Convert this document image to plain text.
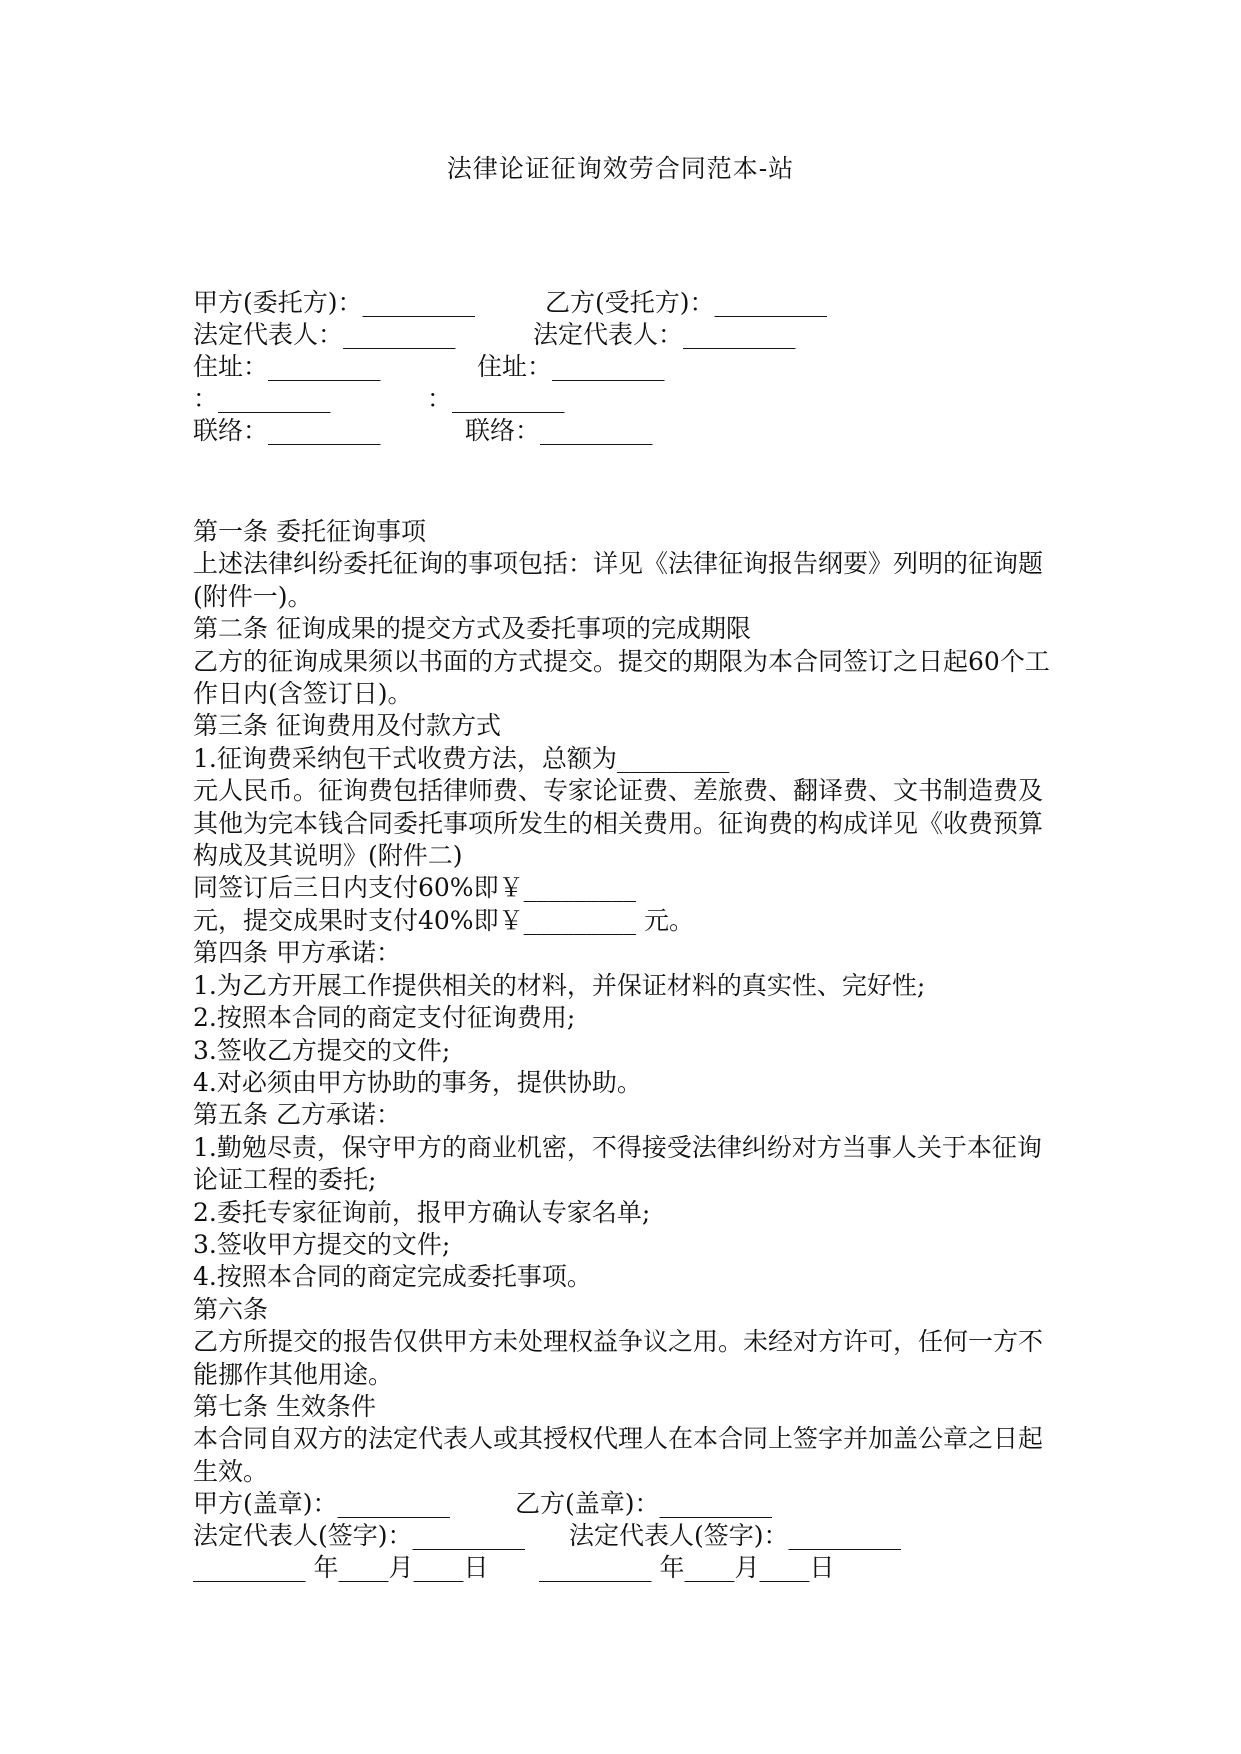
法律论证征询效劳合同范本-站
甲方(委托方)：_________	乙方(受托方)：_________
法定代表人：_________	法定代表人：_________
住址：_________	住址：_________
：_________	：_________
联络：_________	联络：_________

第一条 委托征询事项

上述法律纠纷委托征询的事项包括：详见《法律征询报告纲要》列明的征询题(附件一)。

第二条 征询成果的提交方式及委托事项的完成期限

乙方的征询成果须以书面的方式提交。提交的期限为本合同签订之日起60个工作日内(含签订日)。

第三条 征询费用及付款方式

1.征询费采纳包干式收费方法，总额为_________

元人民币。征询费包括律师费、专家论证费、差旅费、翻译费、文书制造费及其他为完本钱合同委托事项所发生的相关费用。征询费的构成详见《收费预算构成及其说明》(附件二)

同签订后三日内支付60%即￥_________

元，提交成果时支付40%即￥_________ 元。

第四条 甲方承诺：

1.为乙方开展工作提供相关的材料，并保证材料的真实性、完好性;

2.按照本合同的商定支付征询费用;

3.签收乙方提交的文件;

4.对必须由甲方协助的事务，提供协助。

第五条 乙方承诺：

1.勤勉尽责，保守甲方的商业机密，不得接受法律纠纷对方当事人关于本征询论证工程的委托;

2.委托专家征询前，报甲方确认专家名单;

3.签收甲方提交的文件;

4.按照本合同的商定完成委托事项。

第六条

乙方所提交的报告仅供甲方未处理权益争议之用。未经对方许可，任何一方不能挪作其他用途。

第七条 生效条件

本合同自双方的法定代表人或其授权代理人在本合同上签字并加盖公章之日起生效。

甲方(盖章)：_________	乙方(盖章)：_________
法定代表人(签字)：_________ 法定代表人(签字)：_________
_________ 年____月____日 _________ 年____月____日
